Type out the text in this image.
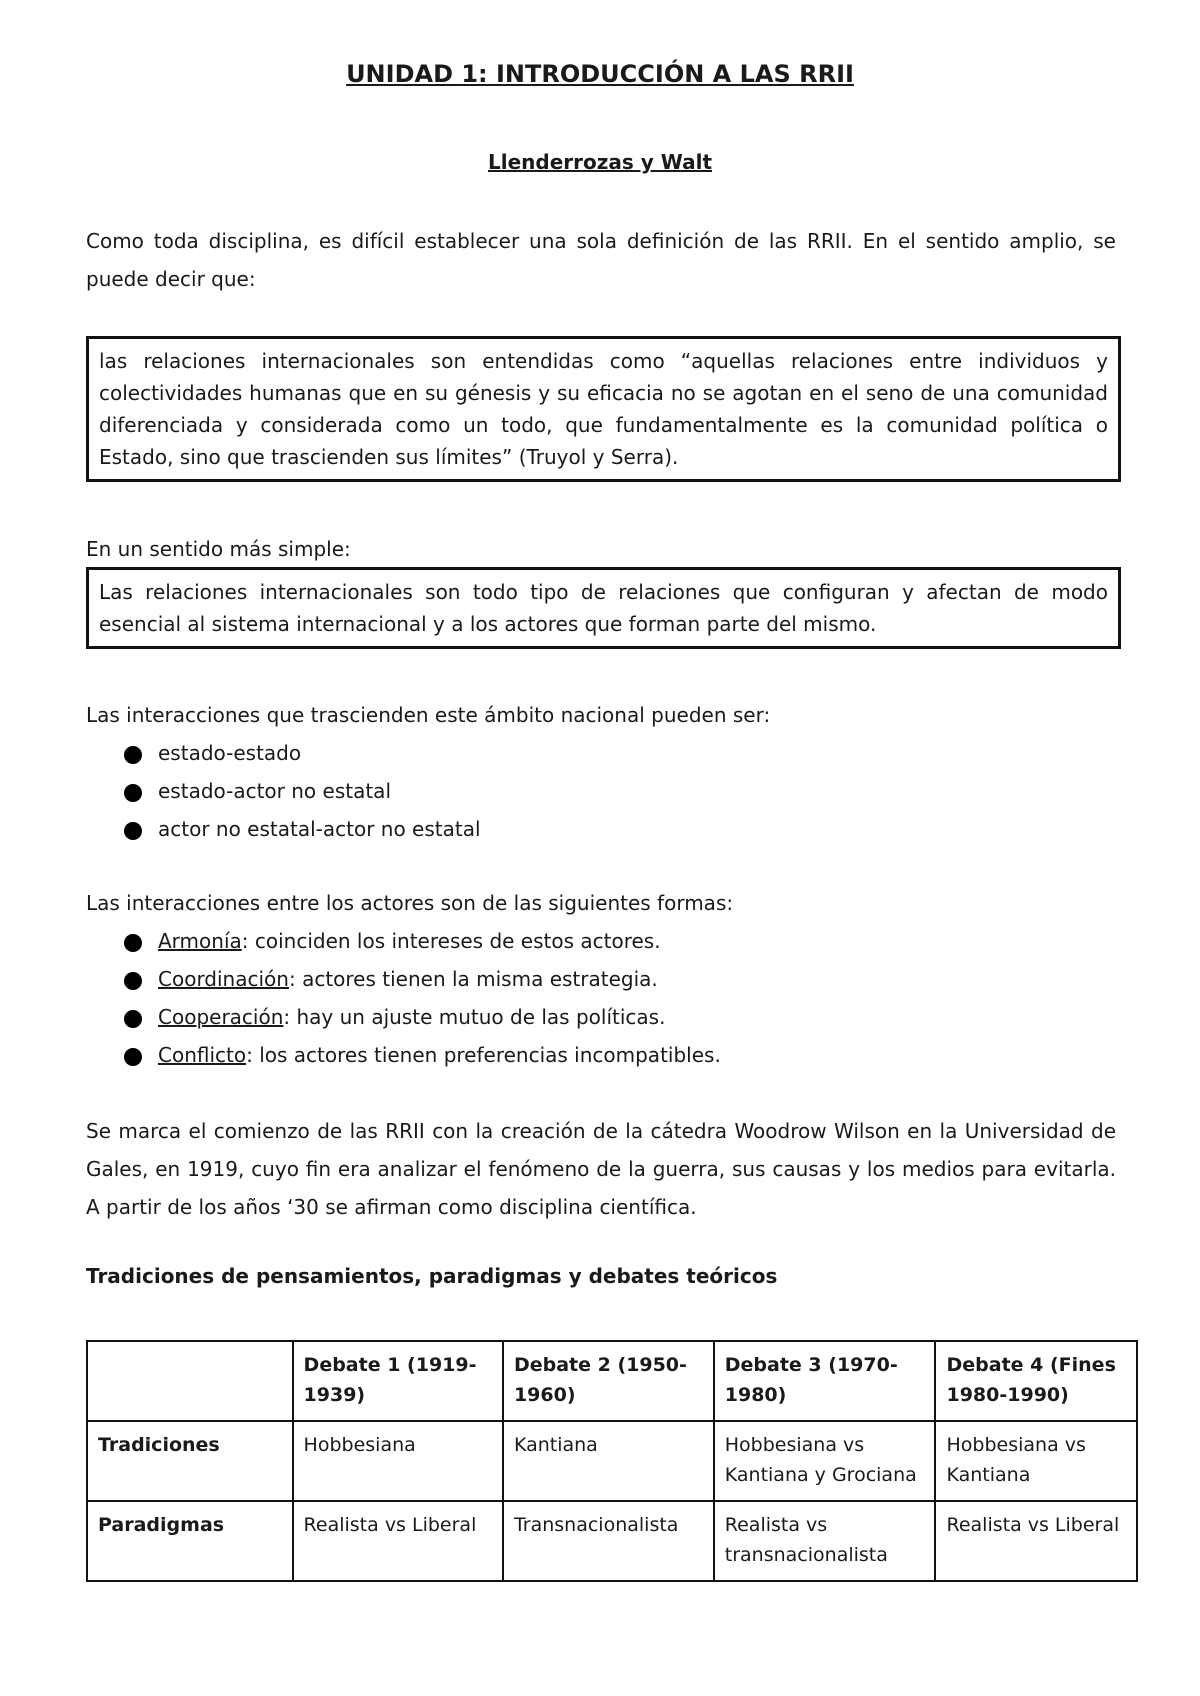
UNIDAD 1: INTRODUCCIÓN A LAS RRII
Llenderrozas y Walt
Como toda disciplina, es difícil establecer una sola definición de las RRII. En el sentido amplio, se puede decir que:
las relaciones internacionales son entendidas como “aquellas relaciones entre individuos y colectividades humanas que en su génesis y su eficacia no se agotan en el seno de una comunidad diferenciada y considerada como un todo, que fundamentalmente es la comunidad política o Estado, sino que trascienden sus límites” (Truyol y Serra).
En un sentido más simple:
Las relaciones internacionales son todo tipo de relaciones que configuran y afectan de modo esencial al sistema internacional y a los actores que forman parte del mismo.
Las interacciones que trascienden este ámbito nacional pueden ser:
estado-estado
estado-actor no estatal
actor no estatal-actor no estatal
Las interacciones entre los actores son de las siguientes formas:
Armonía: coinciden los intereses de estos actores.
Coordinación: actores tienen la misma estrategia.
Cooperación: hay un ajuste mutuo de las políticas.
Conflicto: los actores tienen preferencias incompatibles.
Se marca el comienzo de las RRII con la creación de la cátedra Woodrow Wilson en la Universidad de Gales, en 1919, cuyo fin era analizar el fenómeno de la guerra, sus causas y los medios para evitarla. A partir de los años ‘30 se afirman como disciplina científica.
Tradiciones de pensamientos, paradigmas y debates teóricos
	Debate 1 (1919-1939)	Debate 2 (1950-1960)	Debate 3 (1970-1980)	Debate 4 (Fines 1980-1990)
Tradiciones	Hobbesiana	Kantiana	Hobbesiana vs Kantiana y Grociana	Hobbesiana vs Kantiana
Paradigmas	Realista vs Liberal	Transnacionalista	Realista vs transnacionalista	Realista vs Liberal
